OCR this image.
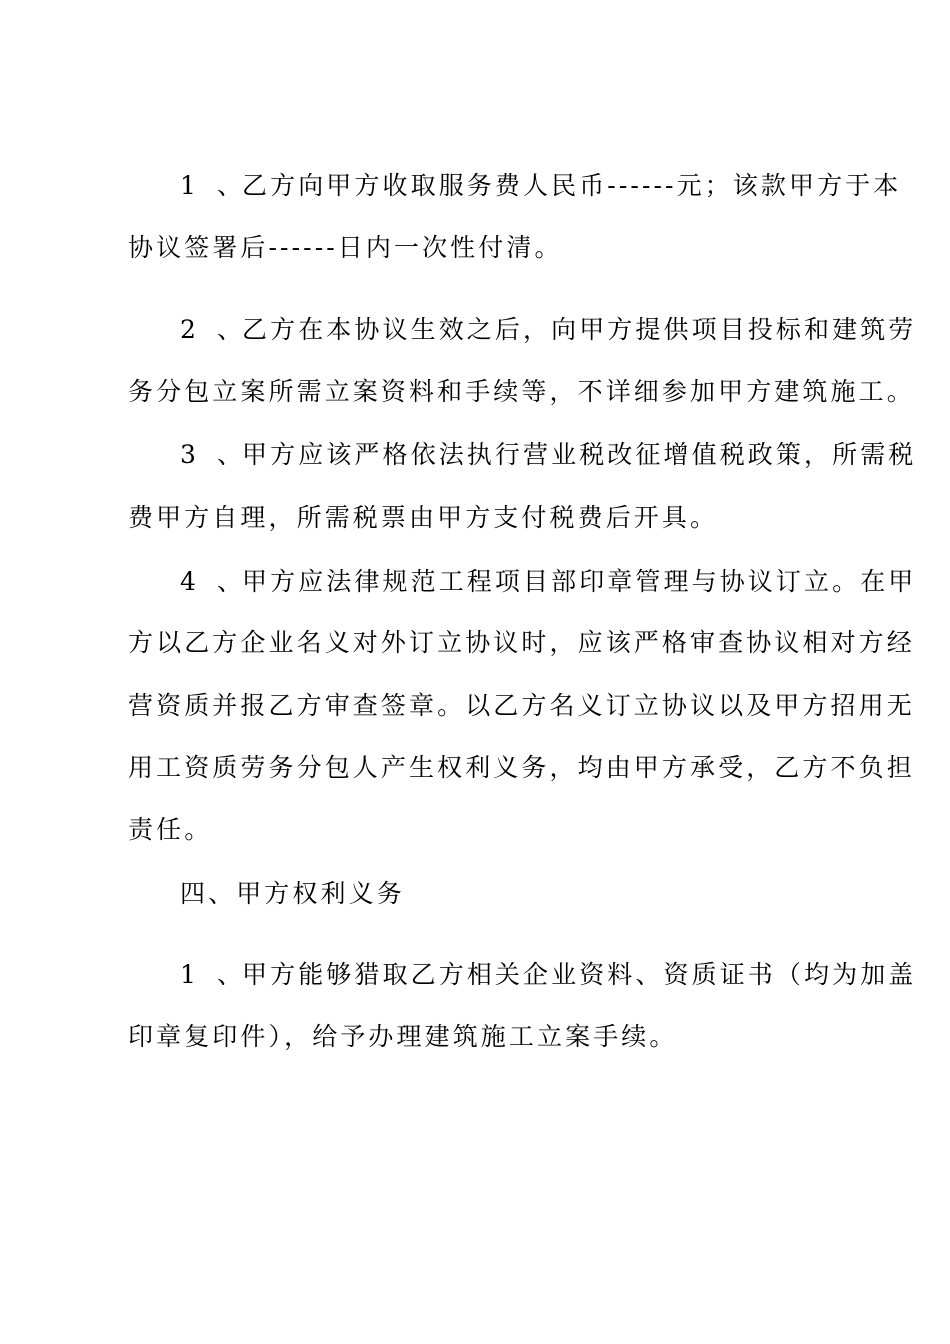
1、乙方向甲方收取服务费人民币------元；该款甲方于本
协议签署后------日内一次性付清。
2、乙方在本协议生效之后，向甲方提供项目投标和建筑劳
务分包立案所需立案资料和手续等，不详细参加甲方建筑施工。
3、甲方应该严格依法执行营业税改征增值税政策，所需税
费甲方自理，所需税票由甲方支付税费后开具。
4、甲方应法律规范工程项目部印章管理与协议订立。在甲
方以乙方企业名义对外订立协议时，应该严格审查协议相对方经
营资质并报乙方审查签章。以乙方名义订立协议以及甲方招用无
用工资质劳务分包人产生权利义务，均由甲方承受，乙方不负担
责任。
四、甲方权利义务
1、甲方能够猎取乙方相关企业资料、资质证书（均为加盖
印章复印件），给予办理建筑施工立案手续。
